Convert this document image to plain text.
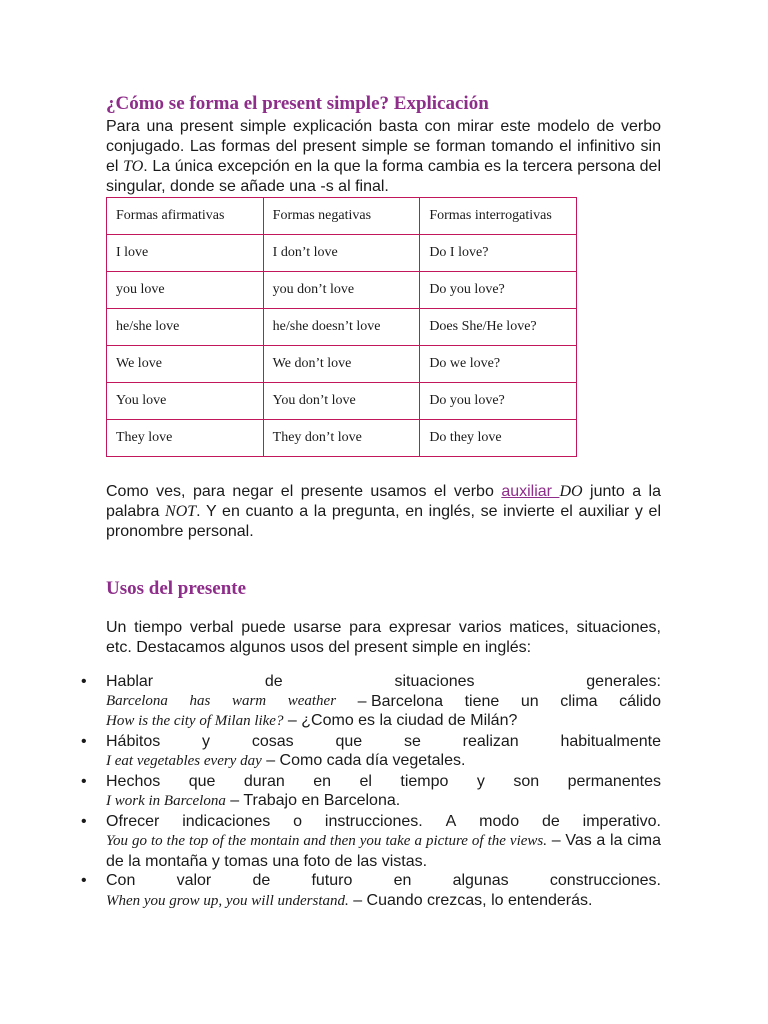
¿Cómo se forma el present simple? Explicación

Para una present simple explicación basta con mirar este modelo de verbo conjugado. Las formas del present simple se forman tomando el infinitivo sin el TO. La única excepción en la que la forma cambia es la tercera persona del singular, donde se añade una -s al final.

Formas afirmativas	Formas negativas	Formas interrogativas
I love	I don’t love	Do I love?
you love	you don’t love	Do you love?
he/she love	he/she doesn’t love	Does She/He love?
We love	We don’t love	Do we love?
You love	You don’t love	Do you love?
They love	They don’t love	Do they love

Como ves, para negar el presente usamos el verbo auxiliar DO junto a la palabra NOT. Y en cuanto a la pregunta, en inglés, se invierte el auxiliar y el pronombre personal.

Usos del presente

Un tiempo verbal puede usarse para expresar varios matices, situaciones, etc. Destacamos algunos usos del present simple en inglés:

• Hablar	de	situaciones	generales:
Barcelona has warm weather – Barcelona tiene un clima cálido
How is the city of Milan like? – ¿Como es la ciudad de Milán?
• Hábitos	y	cosas	que	se	realizan	habitualmente
I eat vegetables every day – Como cada día vegetales.
• Hechos que duran en el tiempo y son permanentes
I work in Barcelona – Trabajo en Barcelona.
• Ofrecer indicaciones o instrucciones. A modo de imperativo.
You go to the top of the montain and then you take a picture of the views. – Vas a la cima de la montaña y tomas una foto de las vistas.
• Con	valor	de	futuro	en	algunas	construcciones.
When you grow up, you will understand. – Cuando crezcas, lo entenderás.
